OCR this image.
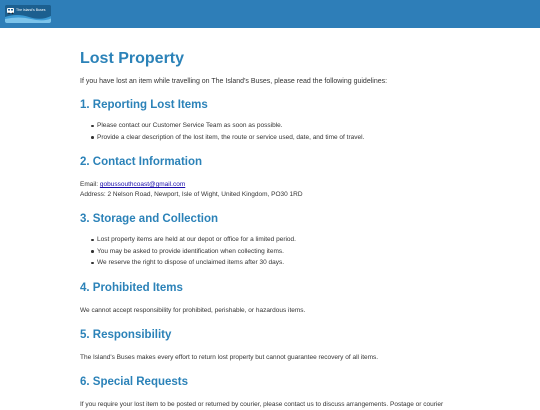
The Island's Buses
Lost Property

If you have lost an item while travelling on The Island's Buses, please read the following guidelines:

1. Reporting Lost Items
Please contact our Customer Service Team as soon as possible.
Provide a clear description of the lost item, the route or service used, date, and time of travel.
2. Contact Information
Email: gobussouthcoast@gmail.com
Address: 2 Nelson Road, Newport, Isle of Wight, United Kingdom, PO30 1RD
3. Storage and Collection
Lost property items are held at our depot or office for a limited period.
You may be asked to provide identification when collecting items.
We reserve the right to dispose of unclaimed items after 30 days.
4. Prohibited Items

We cannot accept responsibility for prohibited, perishable, or hazardous items.

5. Responsibility

The Island's Buses makes every effort to return lost property but cannot guarantee recovery of all items.

6. Special Requests

If you require your lost item to be posted or returned by courier, please contact us to discuss arrangements. Postage or courier
